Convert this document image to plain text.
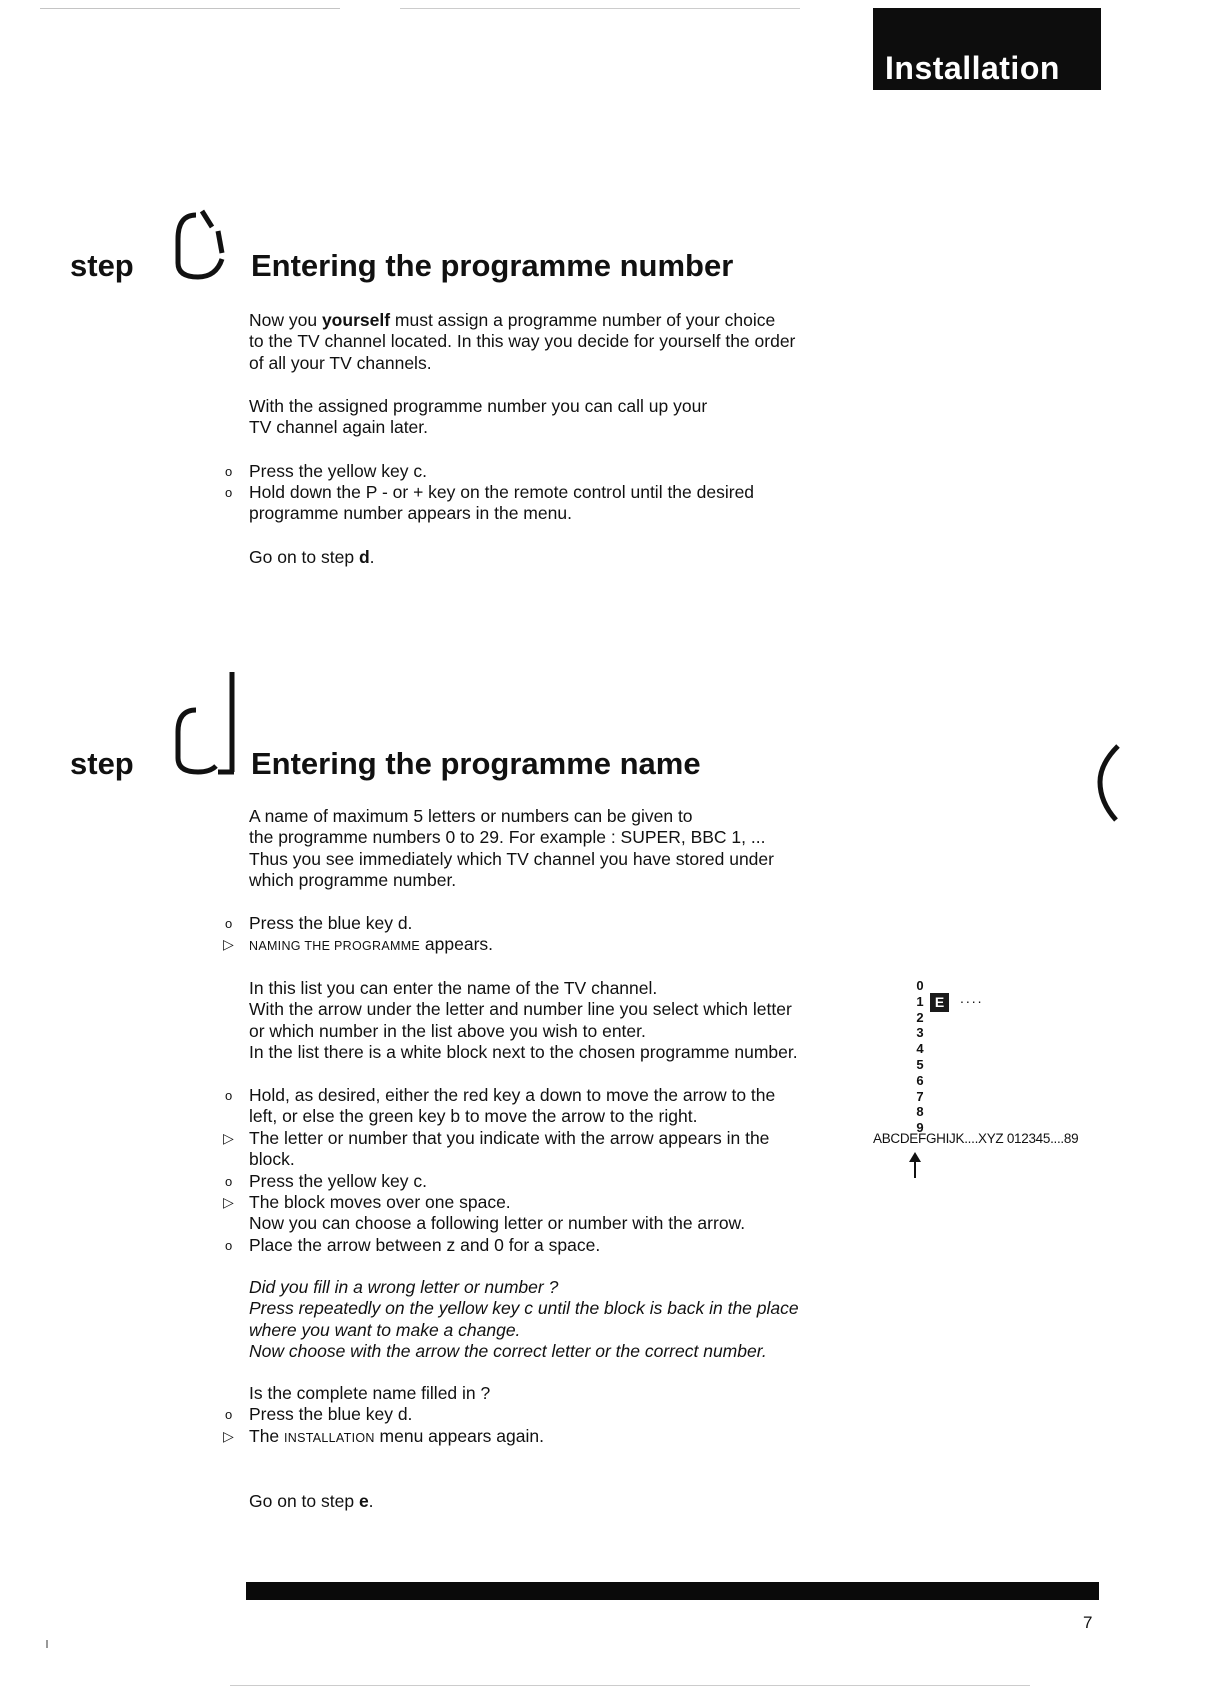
Installation
step	Entering the programme number

Now you yourself must assign a programme number of your choice
to the TV channel located. In this way you decide for yourself the order
of all your TV channels.

With the assigned programme number you can call up your
TV channel again later.

o Press the yellow key c.

o Hold down the P - or + key on the remote control until the desired
programme number appears in the menu.

Go on to step d.

step	Entering the programme name

A name of maximum 5 letters or numbers can be given to
the programme numbers 0 to 29. For example : SUPER, BBC 1, ...
Thus you see immediately which TV channel you have stored under
which programme number.

o Press the blue key d.

▷ NAMING THE PROGRAMME appears.

In this list you can enter the name of the TV channel.
With the arrow under the letter and number line you select which letter
or which number in the list above you wish to enter.
In the list there is a white block next to the chosen programme number.

o Hold, as desired, either the red key a down to move the arrow to the
left, or else the green key b to move the arrow to the right.

▷ The letter or number that you indicate with the arrow appears in the
block.

o Press the yellow key c.

▷ The block moves over one space.
Now you can choose a following letter or number with the arrow.

o Place the arrow between z and 0 for a space.

Did you fill in a wrong letter or number ?
Press repeatedly on the yellow key c until the block is back in the place
where you want to make a change.
Now choose with the arrow the correct letter or the correct number.

Is the complete name filled in ?

o Press the blue key d.

▷ The INSTALLATION menu appears again.

Go on to step e.

0
1
2
3
4
5
6
7
8
9
E	....
ABCDEFGHIJK....XYZ 012345....89
7
